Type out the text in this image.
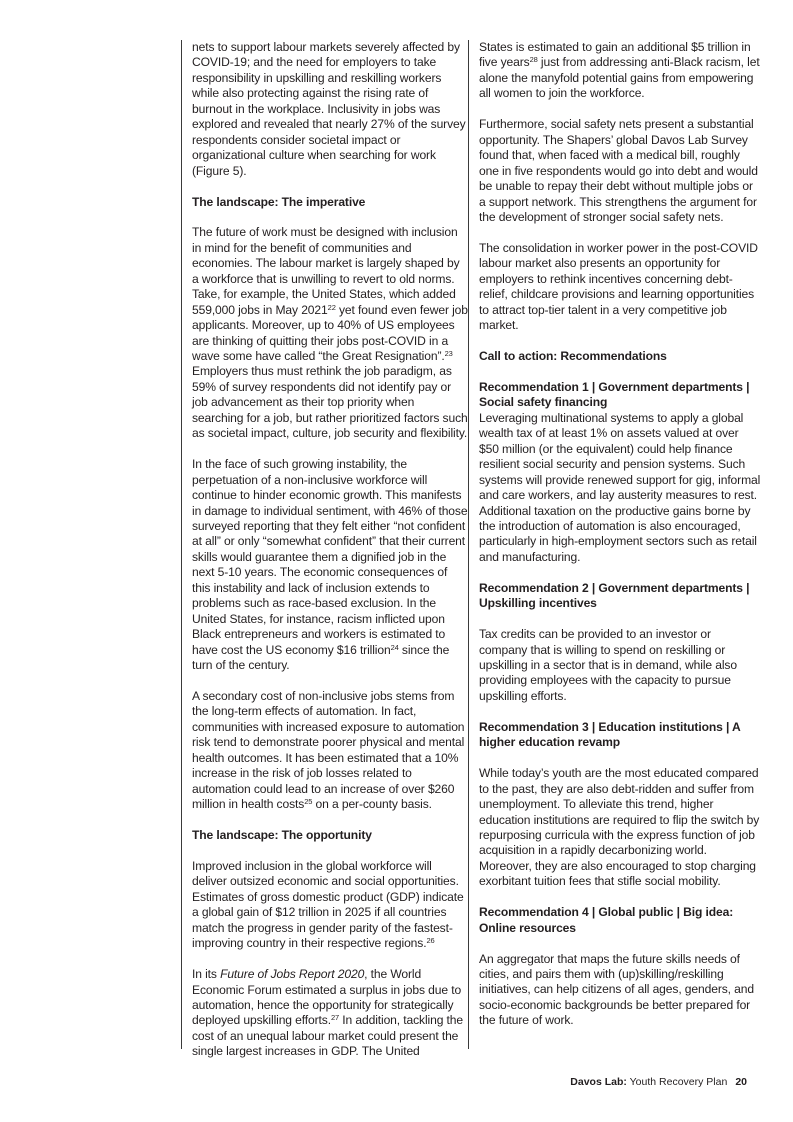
nets to support labour markets severely affected by COVID-19; and the need for employers to take responsibility in upskilling and reskilling workers while also protecting against the rising rate of burnout in the workplace. Inclusivity in jobs was explored and revealed that nearly 27% of the survey respondents consider societal impact or organizational culture when searching for work (Figure 5).

The landscape: The imperative

The future of work must be designed with inclusion in mind for the benefit of communities and economies. The labour market is largely shaped by a workforce that is unwilling to revert to old norms. Take, for example, the United States, which added 559,000 jobs in May 2021$^{22}$ yet found even fewer job applicants. Moreover, up to 40% of US employees are thinking of quitting their jobs post-COVID in a wave some have called “the Great Resignation”.$^{23}$ Employers thus must rethink the job paradigm, as 59% of survey respondents did not identify pay or job advancement as their top priority when searching for a job, but rather prioritized factors such as societal impact, culture, job security and flexibility.

In the face of such growing instability, the perpetuation of a non-inclusive workforce will continue to hinder economic growth. This manifests in damage to individual sentiment, with 46% of those surveyed reporting that they felt either “not confident at all” or only “somewhat confident” that their current skills would guarantee them a dignified job in the next 5-10 years. The economic consequences of this instability and lack of inclusion extends to problems such as race-based exclusion. In the United States, for instance, racism inflicted upon Black entrepreneurs and workers is estimated to have cost the US economy $16 trillion$^{24}$ since the turn of the century.

A secondary cost of non-inclusive jobs stems from the long-term effects of automation. In fact, communities with increased exposure to automation risk tend to demonstrate poorer physical and mental health outcomes. It has been estimated that a 10% increase in the risk of job losses related to automation could lead to an increase of over $260 million in health costs$^{25}$ on a per-county basis.

The landscape: The opportunity

Improved inclusion in the global workforce will deliver outsized economic and social opportunities. Estimates of gross domestic product (GDP) indicate a global gain of $12 trillion in 2025 if all countries match the progress in gender parity of the fastest-improving country in their respective regions.$^{26}$

In its Future of Jobs Report 2020, the World Economic Forum estimated a surplus in jobs due to automation, hence the opportunity for strategically deployed upskilling efforts.$^{27}$ In addition, tackling the cost of an unequal labour market could present the single largest increases in GDP. The United

States is estimated to gain an additional $5 trillion in five years$^{28}$ just from addressing anti-Black racism, let alone the manyfold potential gains from empowering all women to join the workforce.

Furthermore, social safety nets present a substantial opportunity. The Shapers’ global Davos Lab Survey found that, when faced with a medical bill, roughly one in five respondents would go into debt and would be unable to repay their debt without multiple jobs or a support network. This strengthens the argument for the development of stronger social safety nets.

The consolidation in worker power in the post-COVID labour market also presents an opportunity for employers to rethink incentives concerning debt-relief, childcare provisions and learning opportunities to attract top-tier talent in a very competitive job market.

Call to action: Recommendations
Recommendation 1 | Government departments | Social safety financing

Leveraging multinational systems to apply a global wealth tax of at least 1% on assets valued at over $50 million (or the equivalent) could help finance resilient social security and pension systems. Such systems will provide renewed support for gig, informal and care workers, and lay austerity measures to rest. Additional taxation on the productive gains borne by the introduction of automation is also encouraged, particularly in high-employment sectors such as retail and manufacturing.

Recommendation 2 | Government departments | Upskilling incentives

Tax credits can be provided to an investor or company that is willing to spend on reskilling or upskilling in a sector that is in demand, while also providing employees with the capacity to pursue upskilling efforts.

Recommendation 3 | Education institutions | A higher education revamp

While today’s youth are the most educated compared to the past, they are also debt-ridden and suffer from unemployment. To alleviate this trend, higher education institutions are required to flip the switch by repurposing curricula with the express function of job acquisition in a rapidly decarbonizing world. Moreover, they are also encouraged to stop charging exorbitant tuition fees that stifle social mobility.

Recommendation 4 | Global public | Big idea: Online resources

An aggregator that maps the future skills needs of cities, and pairs them with (up)skilling/reskilling initiatives, can help citizens of all ages, genders, and socio-economic backgrounds be better prepared for the future of work.

Davos Lab: Youth Recovery Plan 20
